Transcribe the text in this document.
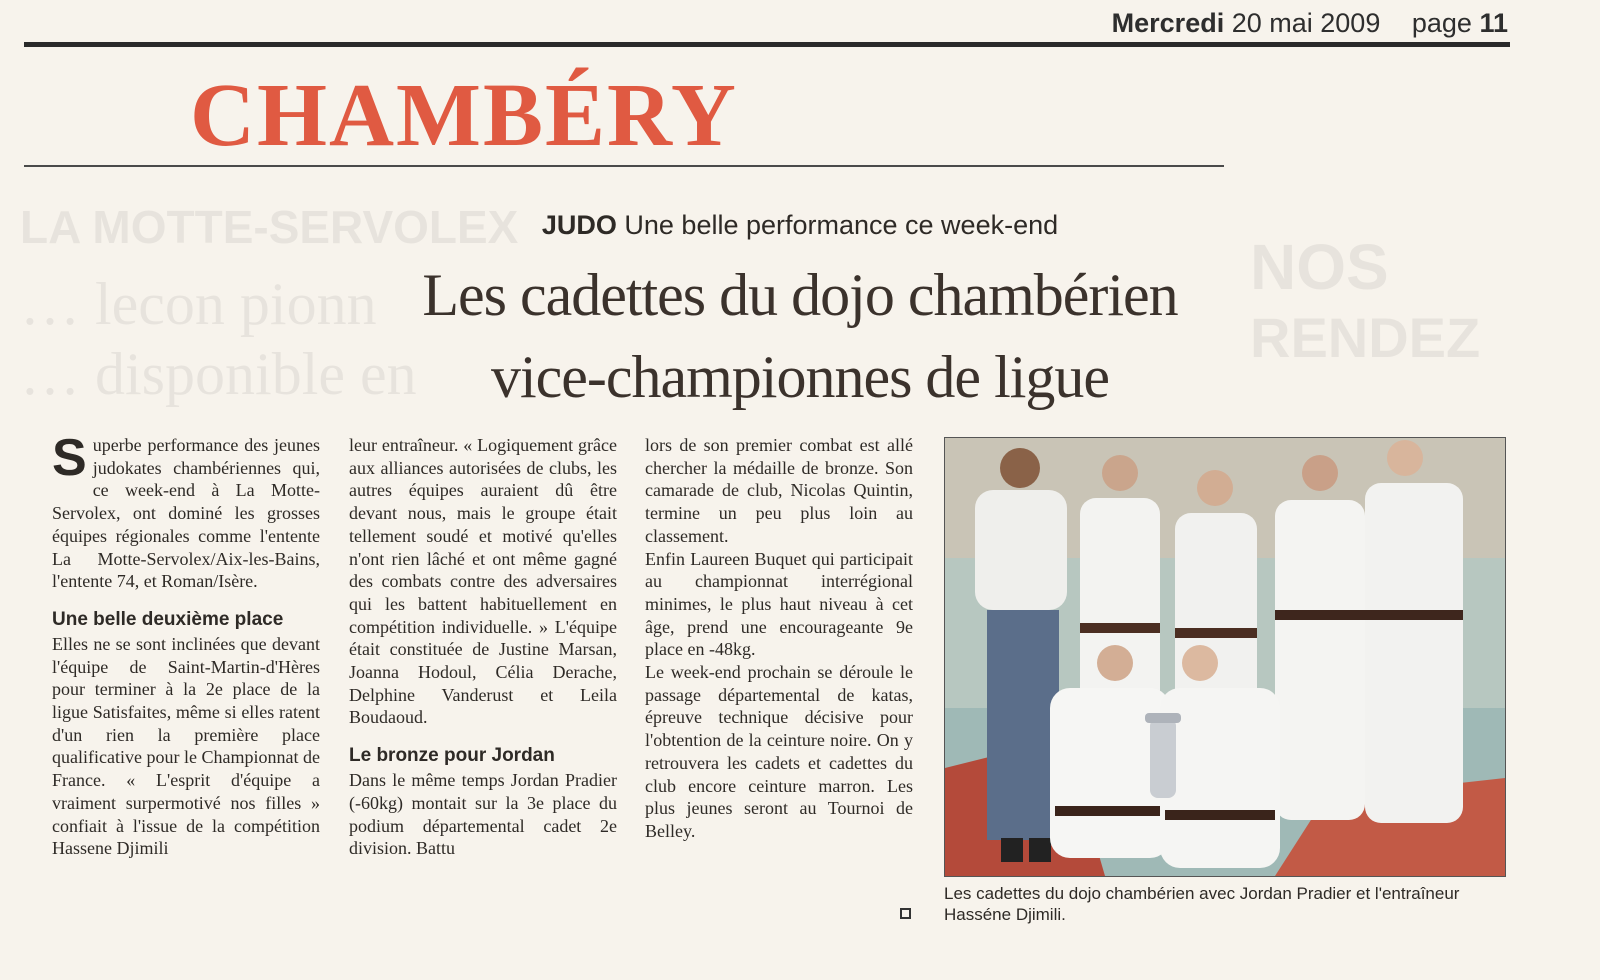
LA MOTTE-SERVOLEX
… lecon pionn
… disponible en
NOS
RENDEZ
Mercredi 20 mai 2009 page 11
CHAMBÉRY
JUDO Une belle performance ce week-end
Les cadettes du dojo chambérien
vice-championnes de ligue

Superbe performance des jeunes judokates chambériennes qui, ce week-end à La Motte-Servolex, ont dominé les grosses équipes régionales comme l'entente La Motte-Servolex/Aix-les-Bains, l'entente 74, et Roman/Isère.

Une belle deuxième place

Elles ne se sont inclinées que devant l'équipe de Saint-Martin-d'Hères pour terminer à la 2e place de la ligue Satisfaites, même si elles ratent d'un rien la première place qualificative pour le Championnat de France. « L'esprit d'équipe a vraiment surpermotivé nos filles » confiait à l'issue de la compétition Hassene Djimili

leur entraîneur. « Logiquement grâce aux alliances autorisées de clubs, les autres équipes auraient dû être devant nous, mais le groupe était tellement soudé et motivé qu'elles n'ont rien lâché et ont même gagné des combats contre des adversaires qui les battent habituellement en compétition individuelle. » L'équipe était constituée de Justine Marsan, Joanna Hodoul, Célia Derache, Delphine Vanderust et Leila Boudaoud.

Le bronze pour Jordan

Dans le même temps Jordan Pradier (-60kg) montait sur la 3e place du podium départemental cadet 2e division. Battu

lors de son premier combat est allé chercher la médaille de bronze. Son camarade de club, Nicolas Quintin, termine un peu plus loin au classement.

Enfin Laureen Buquet qui participait au championnat interrégional minimes, le plus haut niveau à cet âge, prend une encourageante 9e place en -48kg.

Le week-end prochain se déroule le passage départemental de katas, épreuve technique décisive pour l'obtention de la ceinture noire. On y retrouvera les cadets et cadettes du club encore ceinture marron. Les plus jeunes seront au Tournoi de Belley.

Les cadettes du dojo chambérien avec Jordan Pradier et l'entraîneur Hasséne Djimili.
